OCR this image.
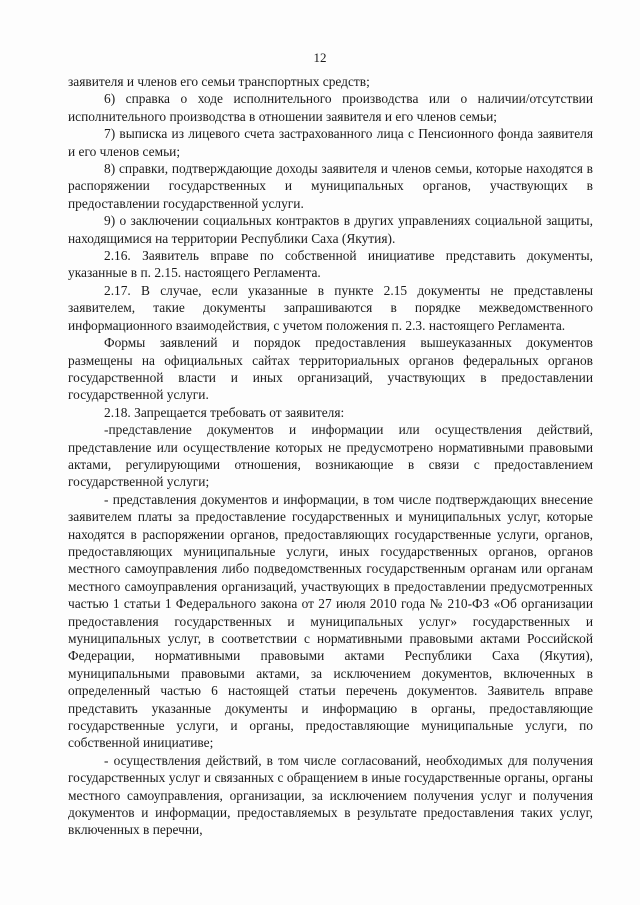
12

заявителя и членов его семьи транспортных средств;

6) справка о ходе исполнительного производства или о наличии/отсутствии исполнительного производства в отношении заявителя и его членов семьи;

7) выписка из лицевого счета застрахованного лица с Пенсионного фонда заявителя и его членов семьи;

8) справки, подтверждающие доходы заявителя и членов семьи, которые находятся в распоряжении государственных и муниципальных органов, участвующих в предоставлении государственной услуги.

9) о заключении социальных контрактов в других управлениях социальной защиты, находящимися на территории Республики Саха (Якутия).

2.16. Заявитель вправе по собственной инициативе представить документы, указанные в п. 2.15. настоящего Регламента.

2.17. В случае, если указанные в пункте 2.15 документы не представлены заявителем, такие документы запрашиваются в порядке межведомственного информационного взаимодействия, с учетом положения п. 2.3. настоящего Регламента.

Формы заявлений и порядок предоставления вышеуказанных документов размещены на официальных сайтах территориальных органов федеральных органов государственной власти и иных организаций, участвующих в предоставлении государственной услуги.

2.18. Запрещается требовать от заявителя:

-представление документов и информации или осуществления действий, представление или осуществление которых не предусмотрено нормативными правовыми актами, регулирующими отношения, возникающие в связи с предоставлением государственной услуги;

- представления документов и информации, в том числе подтверждающих внесение заявителем платы за предоставление государственных и муниципальных услуг, которые находятся в распоряжении органов, предоставляющих государственные услуги, органов, предоставляющих муниципальные услуги, иных государственных органов, органов местного самоуправления либо подведомственных государственным органам или органам местного самоуправления организаций, участвующих в предоставлении предусмотренных частью 1 статьи 1 Федерального закона от 27 июля 2010 года № 210-ФЗ «Об организации предоставления государственных и муниципальных услуг» государственных и муниципальных услуг, в соответствии с нормативными правовыми актами Российской Федерации, нормативными правовыми актами Республики Саха (Якутия), муниципальными правовыми актами, за исключением документов, включенных в определенный частью 6 настоящей статьи перечень документов. Заявитель вправе представить указанные документы и информацию в органы, предоставляющие государственные услуги, и органы, предоставляющие муниципальные услуги, по собственной инициативе;

- осуществления действий, в том числе согласований, необходимых для получения государственных услуг и связанных с обращением в иные государственные органы, органы местного самоуправления, организации, за исключением получения услуг и получения документов и информации, предоставляемых в результате предоставления таких услуг, включенных в перечни,
